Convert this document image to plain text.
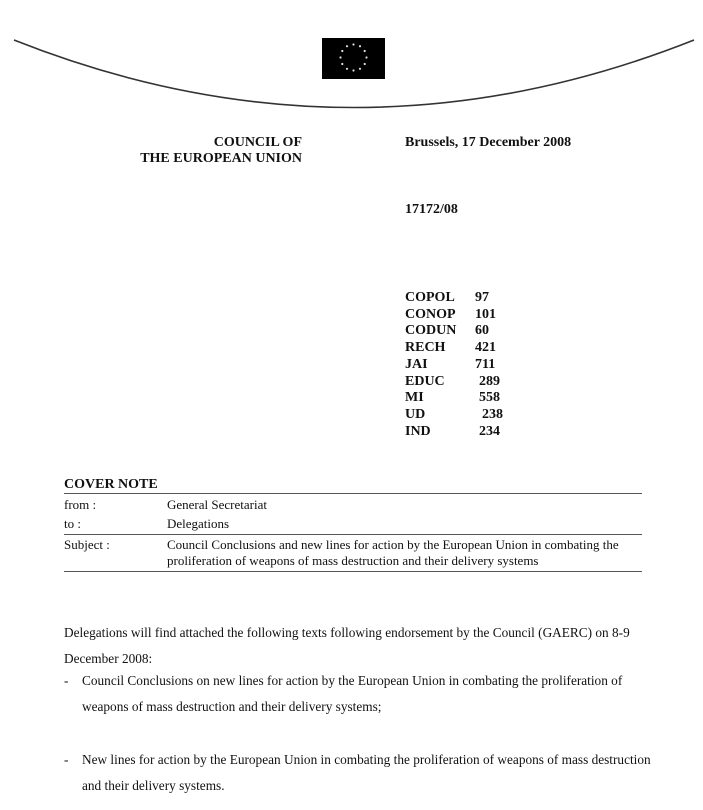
COUNCIL OF
THE EUROPEAN UNION
Brussels, 17 December 2008
17172/08
COPOL	97
CONOP	101
CODUN	60
RECH	421
JAI	711
EDUC	289
MI	558
UD	238
IND	234
COVER NOTE
from :	General Secretariat
to :	Delegations
Subject :	Council Conclusions and new lines for action by the European Union in combating the proliferation of weapons of mass destruction and their delivery systems
Delegations will find attached the following texts following endorsement by the Council (GAERC) on 8-9 December 2008:
-	Council Conclusions on new lines for action by the European Union in combating the proliferation of weapons of mass destruction and their delivery systems;
-	New lines for action by the European Union in combating the proliferation of weapons of mass destruction and their delivery systems.
